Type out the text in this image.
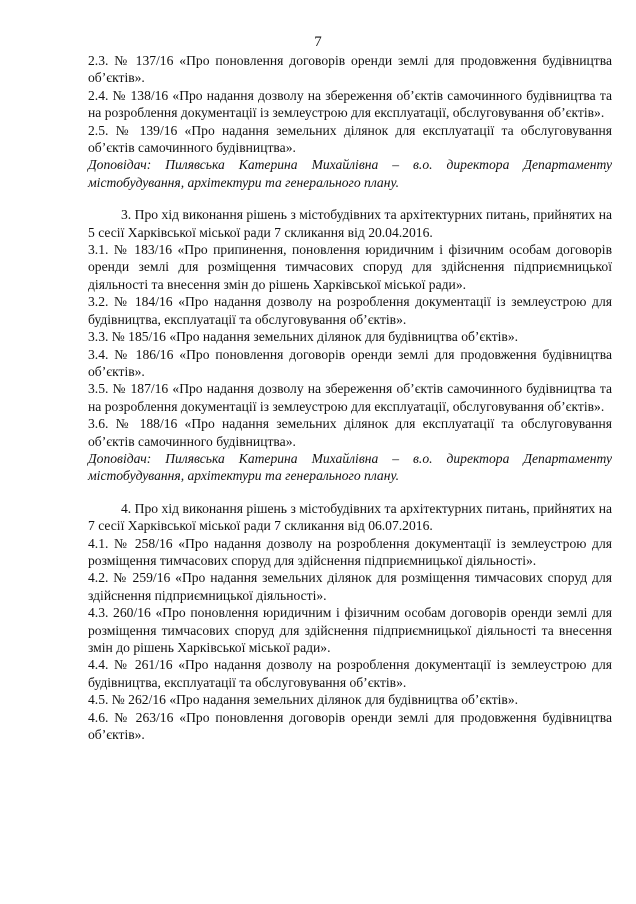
7

2.3. № 137/16 «Про поновлення договорів оренди землі для продовження будівництва об’єктів».

2.4. № 138/16 «Про надання дозволу на збереження об’єктів самочинного будівництва та на розроблення документації із землеустрою для експлуатації, обслуговування об’єктів».

2.5. № 139/16 «Про надання земельних ділянок для експлуатації та обслуговування об’єктів самочинного будівництва».

Доповідач: Пилявська Катерина Михайлівна – в.о. директора Департаменту містобудування, архітектури та генерального плану.

3. Про хід виконання рішень з містобудівних та архітектурних питань, прийнятих на 5 сесії Харківської міської ради 7 скликання від 20.04.2016.

3.1. № 183/16 «Про припинення, поновлення юридичним і фізичним особам договорів оренди землі для розміщення тимчасових споруд для здійснення підприємницької діяльності та внесення змін до рішень Харківської міської ради».

3.2. № 184/16 «Про надання дозволу на розроблення документації із землеустрою для будівництва, експлуатації та обслуговування об’єктів».

3.3. № 185/16 «Про надання земельних ділянок для будівництва об’єктів».

3.4. № 186/16 «Про поновлення договорів оренди землі для продовження будівництва об’єктів».

3.5. № 187/16 «Про надання дозволу на збереження об’єктів самочинного будівництва та на розроблення документації із землеустрою для експлуатації, обслуговування об’єктів».

3.6. № 188/16 «Про надання земельних ділянок для експлуатації та обслуговування об’єктів самочинного будівництва».

Доповідач: Пилявська Катерина Михайлівна – в.о. директора Департаменту містобудування, архітектури та генерального плану.

4. Про хід виконання рішень з містобудівних та архітектурних питань, прийнятих на 7 сесії Харківської міської ради 7 скликання від 06.07.2016.

4.1. № 258/16 «Про надання дозволу на розроблення документації із землеустрою для розміщення тимчасових споруд для здійснення підприємницької діяльності».

4.2. № 259/16 «Про надання земельних ділянок для розміщення тимчасових споруд для здійснення підприємницької діяльності».

4.3. 260/16 «Про поновлення юридичним і фізичним особам договорів оренди землі для розміщення тимчасових споруд для здійснення підприємницької діяльності та внесення змін до рішень Харківської міської ради».

4.4. № 261/16 «Про надання дозволу на розроблення документації із землеустрою для будівництва, експлуатації та обслуговування об’єктів».

4.5. № 262/16 «Про надання земельних ділянок для будівництва об’єктів».

4.6. № 263/16 «Про поновлення договорів оренди землі для продовження будівництва об’єктів».
